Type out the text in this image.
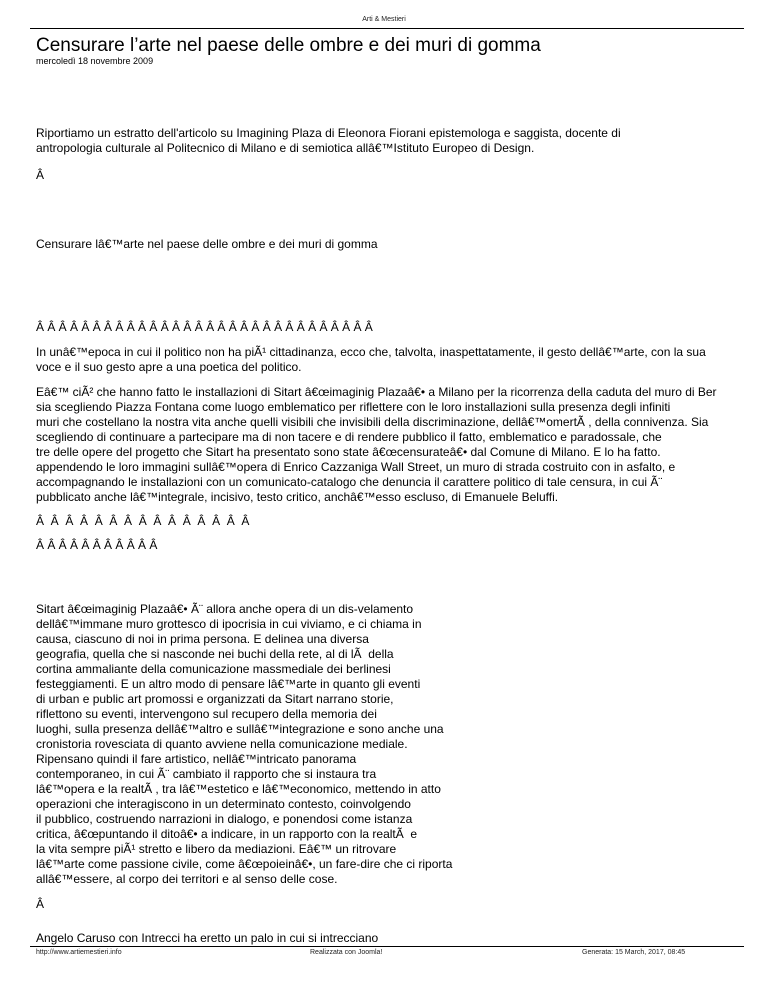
Arti & Mestieri
Censurare l’arte nel paese delle ombre e dei muri di gomma
mercoledì 18 novembre 2009

Riportiamo un estratto dell'articolo su Imagining Plaza di Eleonora Fiorani epistemologa e saggista, docente di
antropologia culturale al Politecnico di Milano e di semiotica allâ€™Istituto Europeo di Design.

Â

Censurare lâ€™arte nel paese delle ombre e dei muri di gomma

Â Â Â Â Â Â Â Â Â Â Â Â Â Â Â Â Â Â Â Â Â Â Â Â Â Â Â Â Â Â

In unâ€™epoca in cui il politico non ha piÃ¹ cittadinanza, ecco che, talvolta, inaspettatamente, il gesto dellâ€™arte, con la sua
voce e il suo gesto apre a una poetica del politico.

Eâ€™ ciÃ² che hanno fatto le installazioni di Sitart â€œimaginig Plazaâ€• a Milano per la ricorrenza della caduta del muro di Ber
sia scegliendo Piazza Fontana come luogo emblematico per riflettere con le loro installazioni sulla presenza degli infiniti
muri che costellano la nostra vita anche quelli visibili che invisibili della discriminazione, dellâ€™omertÃ , della connivenza. Sia
scegliendo di continuare a partecipare ma di non tacere e di rendere pubblico il fatto, emblematico e paradossale, che
tre delle opere del progetto che Sitart ha presentato sono state â€œcensurateâ€• dal Comune di Milano. E lo ha fatto.
appendendo le loro immagini sullâ€™opera di Enrico Cazzaniga Wall Street, un muro di strada costruito con in asfalto, e
accompagnando le installazioni con un comunicato-catalogo che denuncia il carattere politico di tale censura, in cui Ã¨
pubblicato anche lâ€™integrale, incisivo, testo critico, anchâ€™esso escluso, di Emanuele Beluffi.

Â  Â  Â  Â  Â  Â  Â  Â  Â  Â  Â  Â  Â  Â  Â

Â Â Â Â Â Â Â Â Â Â Â

Sitart â€œimaginig Plazaâ€• Ã¨ allora anche opera di un dis-velamento
dellâ€™immane muro grottesco di ipocrisia in cui viviamo, e ci chiama in
causa, ciascuno di noi in prima persona. E delinea una diversa
geografia, quella che si nasconde nei buchi della rete, al di lÃ  della
cortina ammaliante della comunicazione massmediale dei berlinesi
festeggiamenti. E un altro modo di pensare lâ€™arte in quanto gli eventi
di urban e public art promossi e organizzati da Sitart narrano storie,
riflettono su eventi, intervengono sul recupero della memoria dei
luoghi, sulla presenza dellâ€™altro e sullâ€™integrazione e sono anche una
cronistoria rovesciata di quanto avviene nella comunicazione mediale.
Ripensano quindi il fare artistico, nellâ€™intricato panorama
contemporaneo, in cui Ã¨ cambiato il rapporto che si instaura tra
lâ€™opera e la realtÃ , tra lâ€™estetico e lâ€™economico, mettendo in atto
operazioni che interagiscono in un determinato contesto, coinvolgendo
il pubblico, costruendo narrazioni in dialogo, e ponendosi come istanza
critica, â€œpuntando il ditoâ€• a indicare, in un rapporto con la realtÃ  e
la vita sempre piÃ¹ stretto e libero da mediazioni. Eâ€™ un ritrovare
lâ€™arte come passione civile, come â€œpoieinâ€•, un fare-dire che ci riporta
allâ€™essere, al corpo dei territori e al senso delle cose.

Â

Angelo Caruso con Intrecci ha eretto un palo in cui si intrecciano

http://www.artiemestieri.info	Realizzata con Joomla!	Generata: 15 March, 2017, 08:45
